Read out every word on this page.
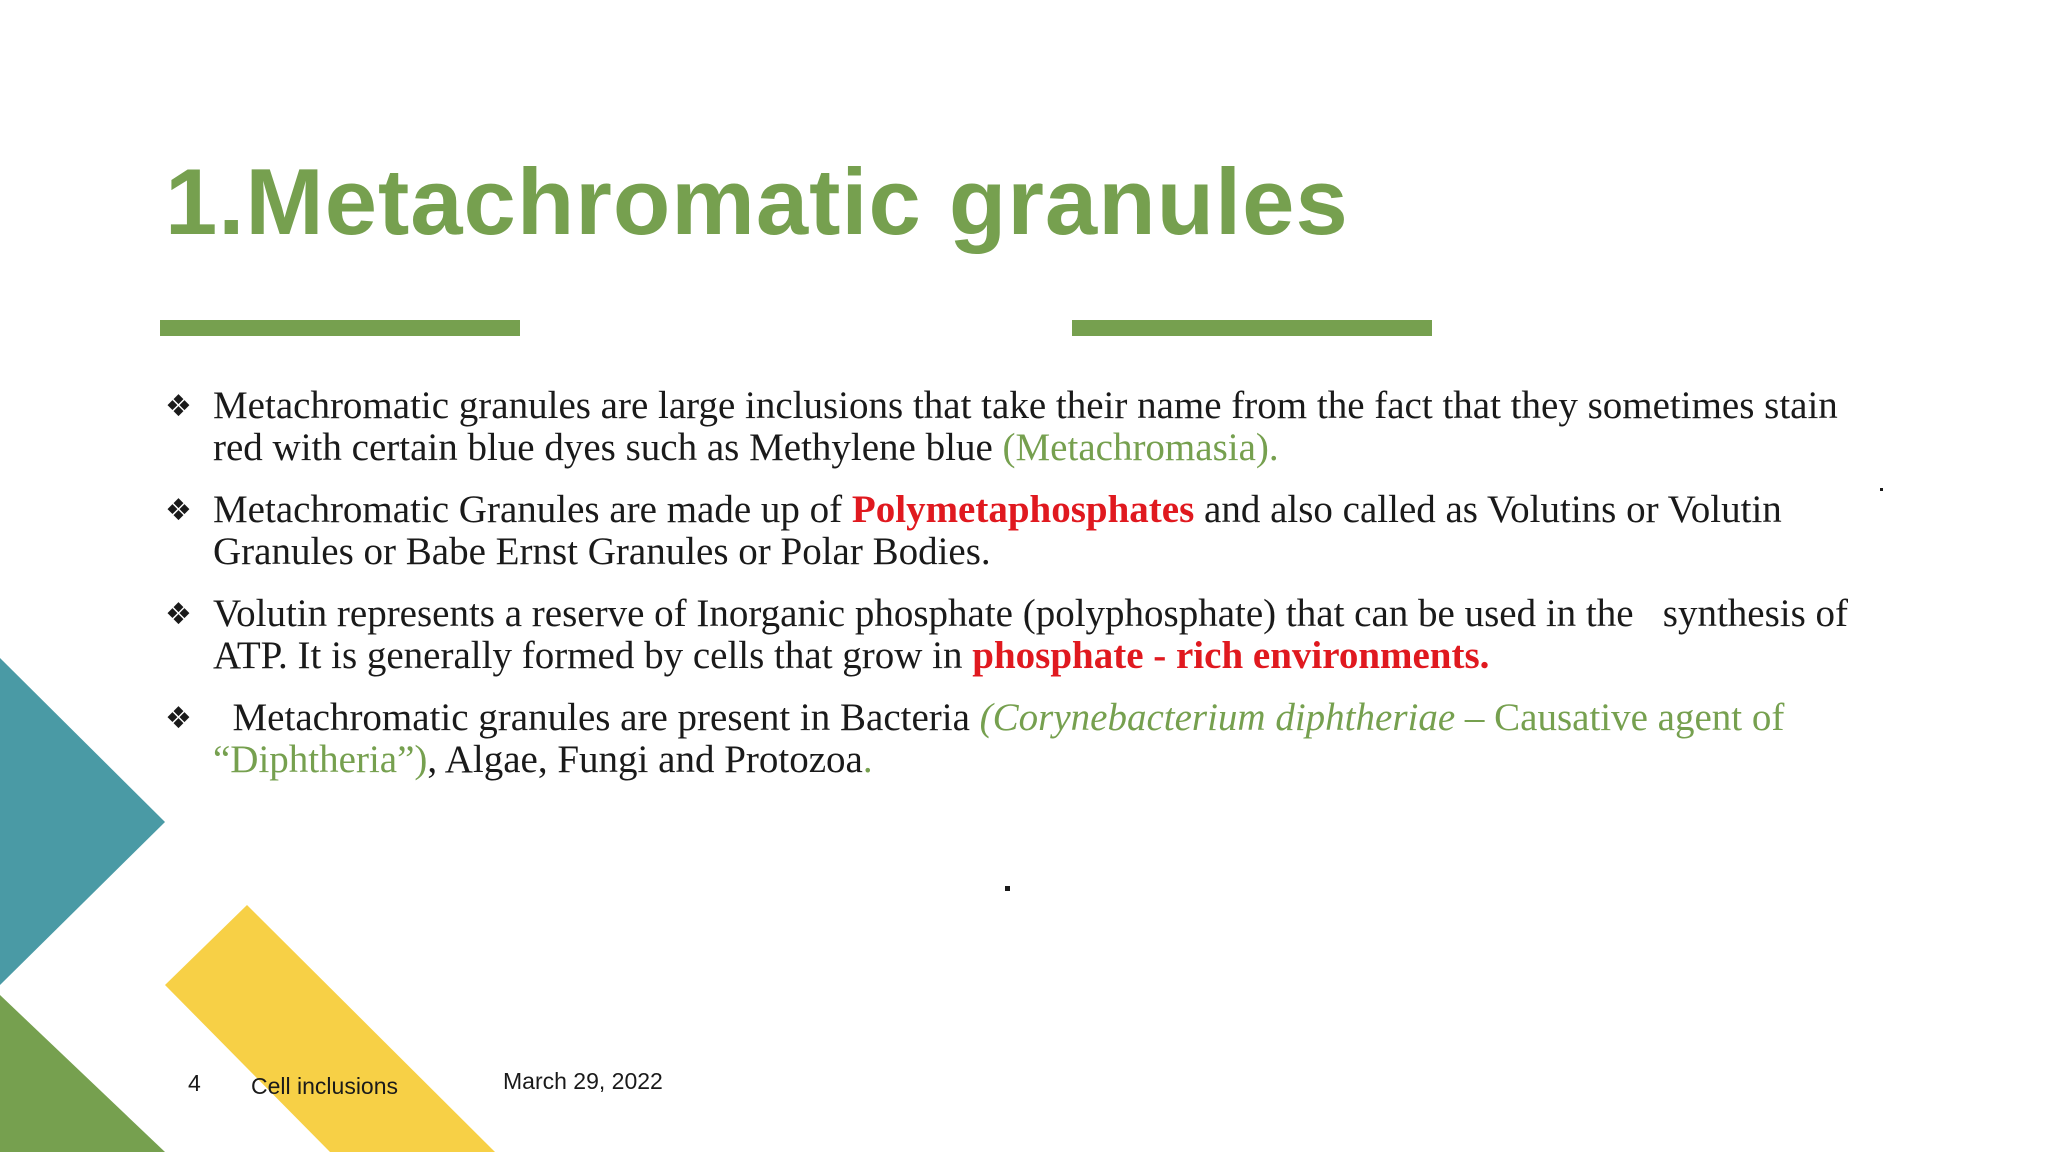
1.Metachromatic granules
❖ Metachromatic granules are large inclusions that take their name from the fact that they sometimes stain red with certain blue dyes such as Methylene blue (Metachromasia).
❖ Metachromatic Granules are made up of Polymetaphosphates and also called as Volutins or Volutin Granules or Babe Ernst Granules or Polar Bodies.
❖ Volutin represents a reserve of Inorganic phosphate (polyphosphate) that can be used in the   synthesis of ATP. It is generally formed by cells that grow in phosphate - rich environments.
❖ Metachromatic granules are present in Bacteria (Corynebacterium diphtheriae – Causative agent of “Diphtheria”), Algae, Fungi and Protozoa.
4 Cell inclusions	March 29, 2022
